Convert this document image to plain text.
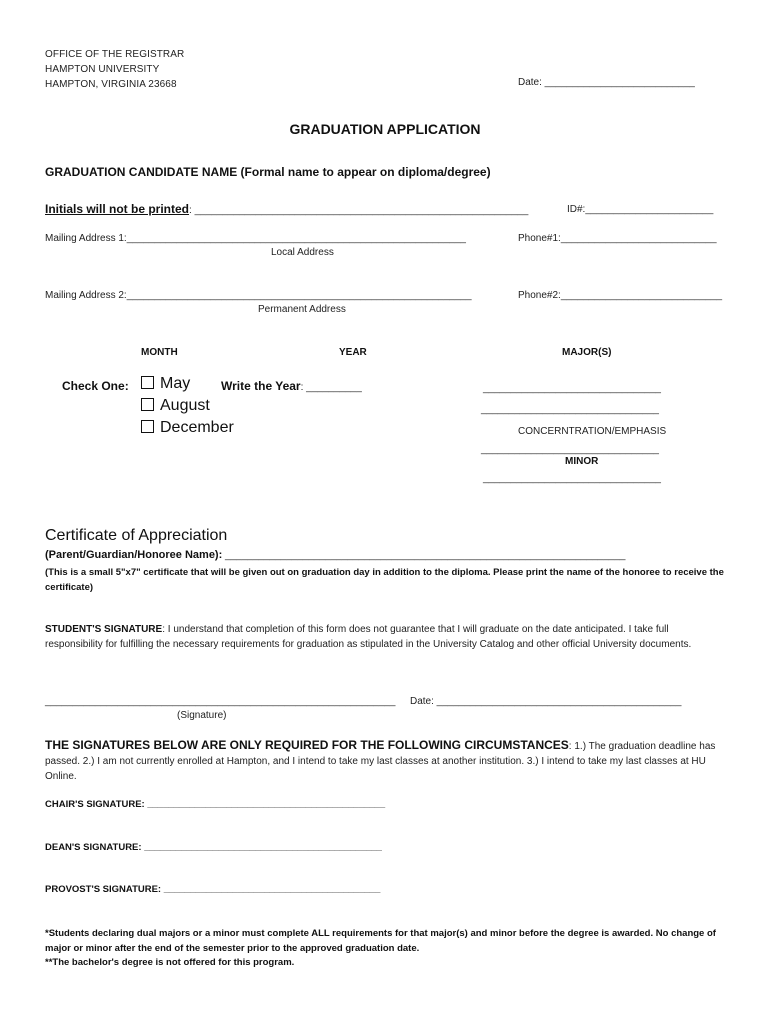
OFFICE OF THE REGISTRAR
HAMPTON UNIVERSITY
HAMPTON, VIRGINIA 23668	Date: ___________________________
GRADUATION APPLICATION
GRADUATION CANDIDATE NAME (Formal name to appear on diploma/degree)
Initials will not be printed: ____________________________________________________________	ID#:_______________________
Mailing Address 1:_____________________________________________________________	Phone#1:____________________________
Local Address
Mailing Address 2:______________________________________________________________	Phone#2:_____________________________
Permanent Address
MONTH	YEAR	MAJOR(S)
Check One:	May
August
December
Write the Year: __________	________________________________
________________________________
CONCERNTRATION/EMPHASIS
________________________________
MINOR
________________________________
Certificate of Appreciation
(Parent/Guardian/Honoree Name): ________________________________________________________________________
(This is a small 5"x7" certificate that will be given out on graduation day in addition to the diploma. Please print the name of the honoree to receive the certificate)
STUDENT'S SIGNATURE: I understand that completion of this form does not guarantee that I will graduate on the date anticipated. I take full responsibility for fulfilling the necessary requirements for graduation as stipulated in the University Catalog and other official University documents.
_______________________________________________________________ Date: ____________________________________________
(Signature)
THE SIGNATURES BELOW ARE ONLY REQUIRED FOR THE FOLLOWING CIRCUMSTANCES: 1.) The graduation deadline has passed. 2.) I am not currently enrolled at Hampton, and I intend to take my last classes at another institution. 3.) I intend to take my last classes at HU Online.
CHAIR'S SIGNATURE: _____________________________________________
DEAN'S SIGNATURE: _____________________________________________
PROVOST'S SIGNATURE: _________________________________________
*Students declaring dual majors or a minor must complete ALL requirements for that major(s) and minor before the degree is awarded. No change of major or minor after the end of the semester prior to the approved graduation date.
**The bachelor's degree is not offered for this program.
